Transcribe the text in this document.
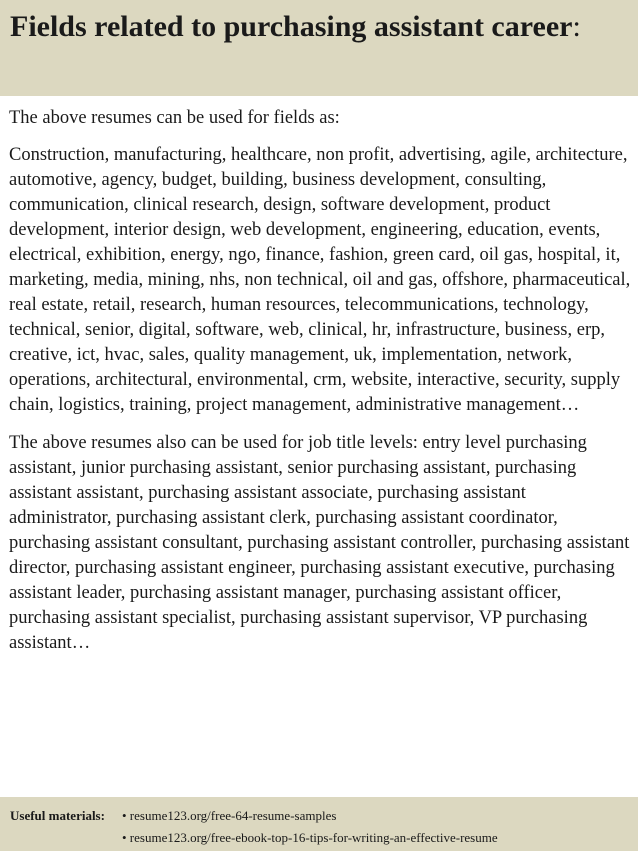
Fields related to purchasing assistant career:

The above resumes can be used for fields as:

Construction, manufacturing, healthcare, non profit, advertising, agile, architecture, automotive, agency, budget, building, business development, consulting, communication, clinical research, design, software development, product development, interior design, web development, engineering, education, events, electrical, exhibition, energy, ngo, finance, fashion, green card, oil gas, hospital, it, marketing, media, mining, nhs, non technical, oil and gas, offshore, pharmaceutical, real estate, retail, research, human resources, telecommunications, technology, technical, senior, digital, software, web, clinical, hr, infrastructure, business, erp, creative, ict, hvac, sales, quality management, uk, implementation, network, operations, architectural, environmental, crm, website, interactive, security, supply chain, logistics, training, project management, administrative management…

The above resumes also can be used for job title levels: entry level purchasing assistant, junior purchasing assistant, senior purchasing assistant, purchasing assistant assistant, purchasing assistant associate, purchasing assistant administrator, purchasing assistant clerk, purchasing assistant coordinator, purchasing assistant consultant, purchasing assistant controller, purchasing assistant director, purchasing assistant engineer, purchasing assistant executive, purchasing assistant leader, purchasing assistant manager, purchasing assistant officer, purchasing assistant specialist, purchasing assistant supervisor, VP purchasing assistant…

Useful materials:	• resume123.org/free-64-resume-samples
• resume123.org/free-ebook-top-16-tips-for-writing-an-effective-resume
